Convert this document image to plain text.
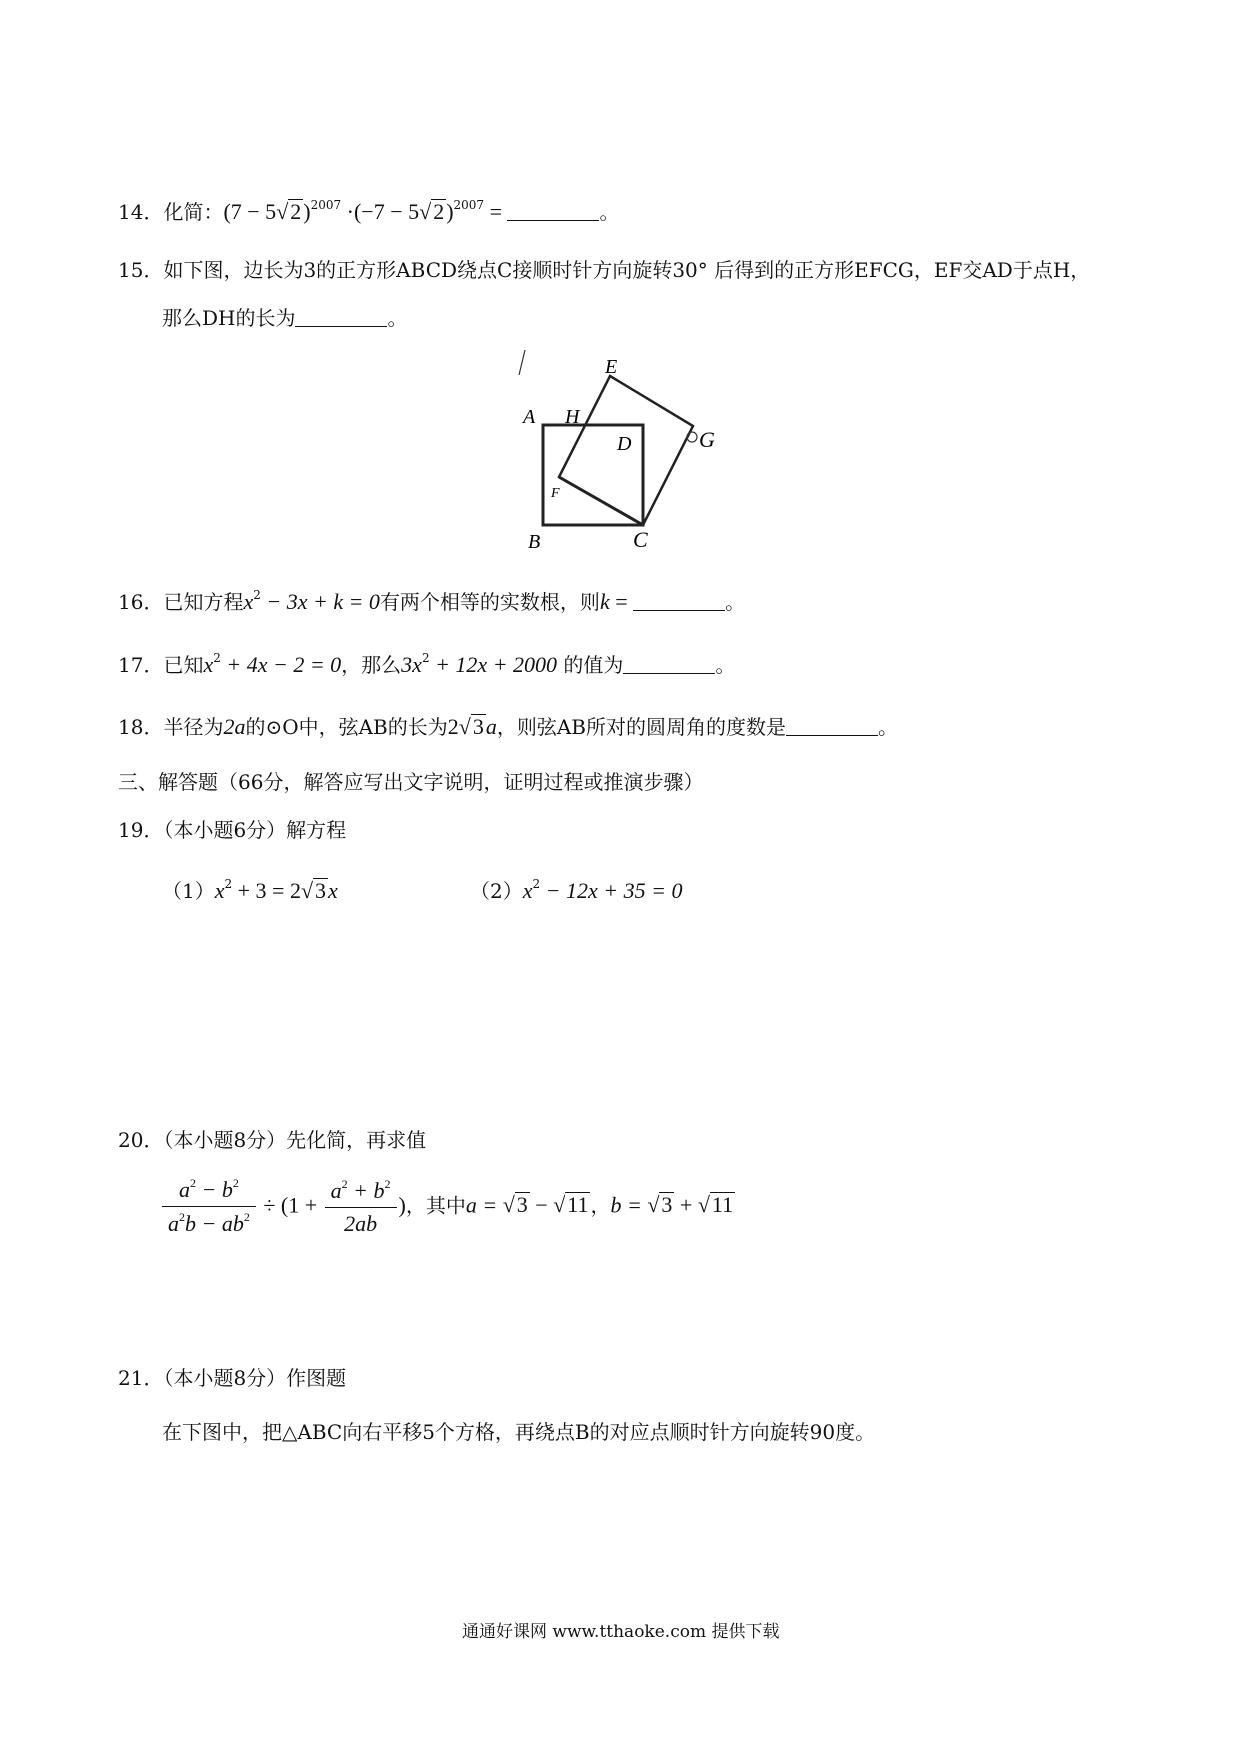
14．化简：$(7 - 5√2)^{2007} \cdot(-7 - 5√2)^{2007}$ =	。
15．如下图，边长为3的正方形ABCD绕点C接顺时针方向旋转30° 后得到的正方形EFCG，EF交AD于点H，
那么DH的长为	。
A H
E
D	G
F
B	C
16．已知方程$x^2 - 3x + k = 0$有两个相等的实数根，则k =	。
17．已知$x^2 + 4x - 2 = 0$，那么$3x^2 + 12x + 2000$ 的值为	。
18．半径为2a的⊙O中，弦AB的长为2√3a，则弦AB所对的圆周角的度数是	。
三、解答题（66分，解答应写出文字说明，证明过程或推演步骤）
19．（本小题6分）解方程
$(1)x^2 + 3 = 2√3x$	$(2)x^2 - 12x + 35 = 0$
20．（本小题8分）先化简，再求值
$\frac{a^2 - b^2}{a^2b - ab^2} \div (1 + \frac{a^2 + b^2}{2ab}$ )，其中a = √3 − √11 ，b = √3 + √11
21．（本小题8分）作图题
在下图中，把△ABC向右平移5个方格，再绕点B的对应点顺时针方向旋转90度。
通通好课网 www.tthaoke.com 提供下载
